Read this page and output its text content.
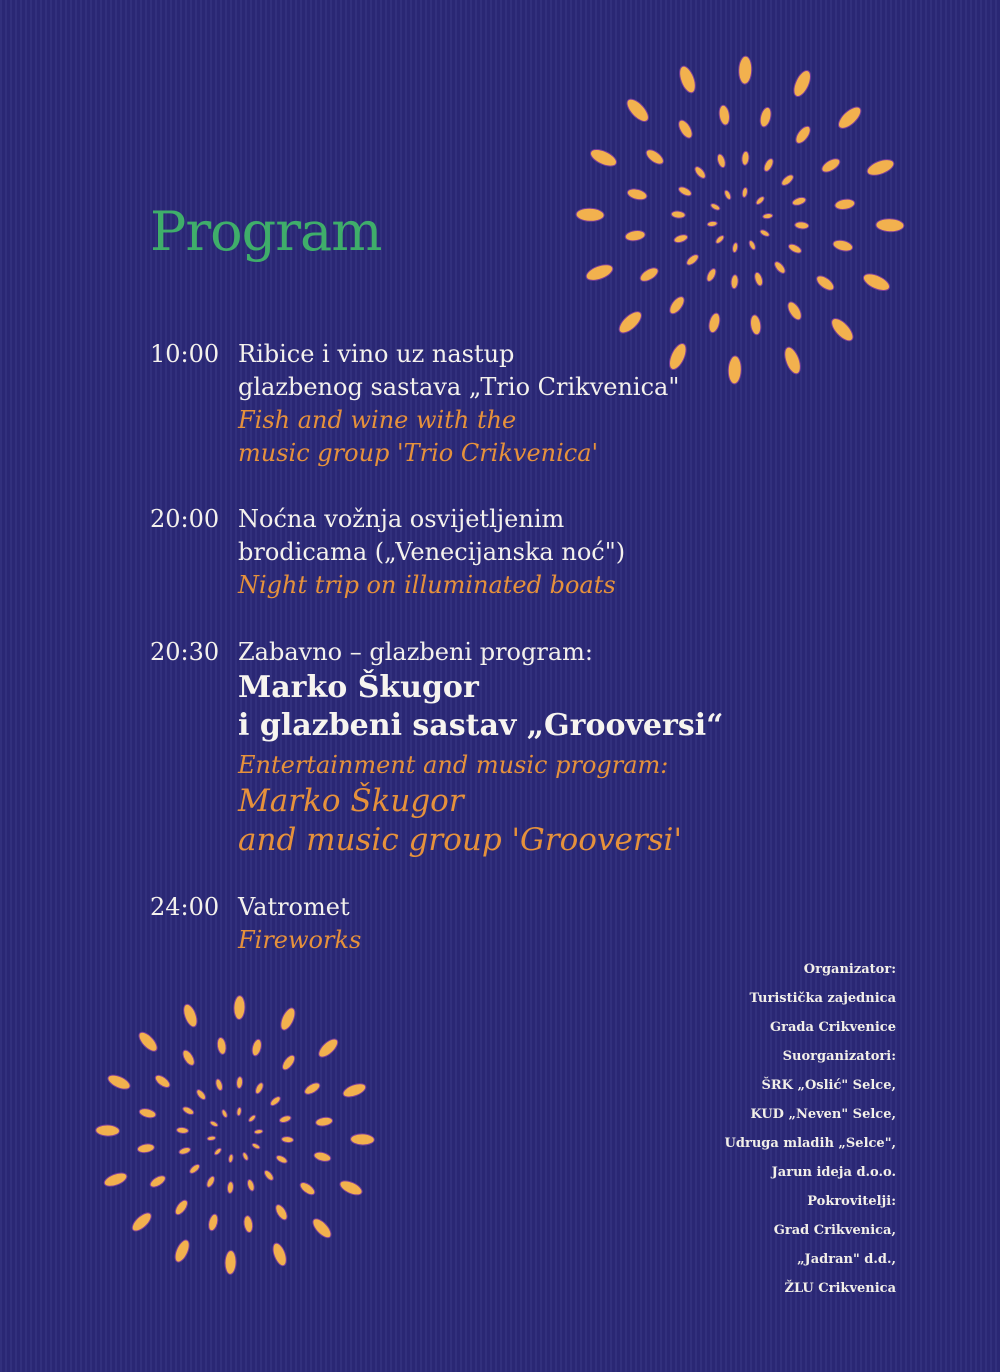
Program
10:00 Ribice i vino uz nastup
glazbenog sastava „Trio Crikvenica"
Fish and wine with the
music group 'Trio Crikvenica'
20:00 Noćna vožnja osvijetljenim
brodicama („Venecijanska noć")
Night trip on illuminated boats
20:30 Zabavno – glazbeni program:
Marko Škugor
i glazbeni sastav „Grooversi“
Entertainment and music program:
Marko Škugor
and music group 'Grooversi'
24:00 Vatromet
Fireworks
Organizator:
Turistička zajednica
Grada Crikvenice
Suorganizatori:
ŠRK „Oslić" Selce,
KUD „Neven" Selce,
Udruga mladih „Selce",
Jarun ideja d.o.o.
Pokrovitelji:
Grad Crikvenica,
„Jadran" d.d.,
ŽLU Crikvenica
